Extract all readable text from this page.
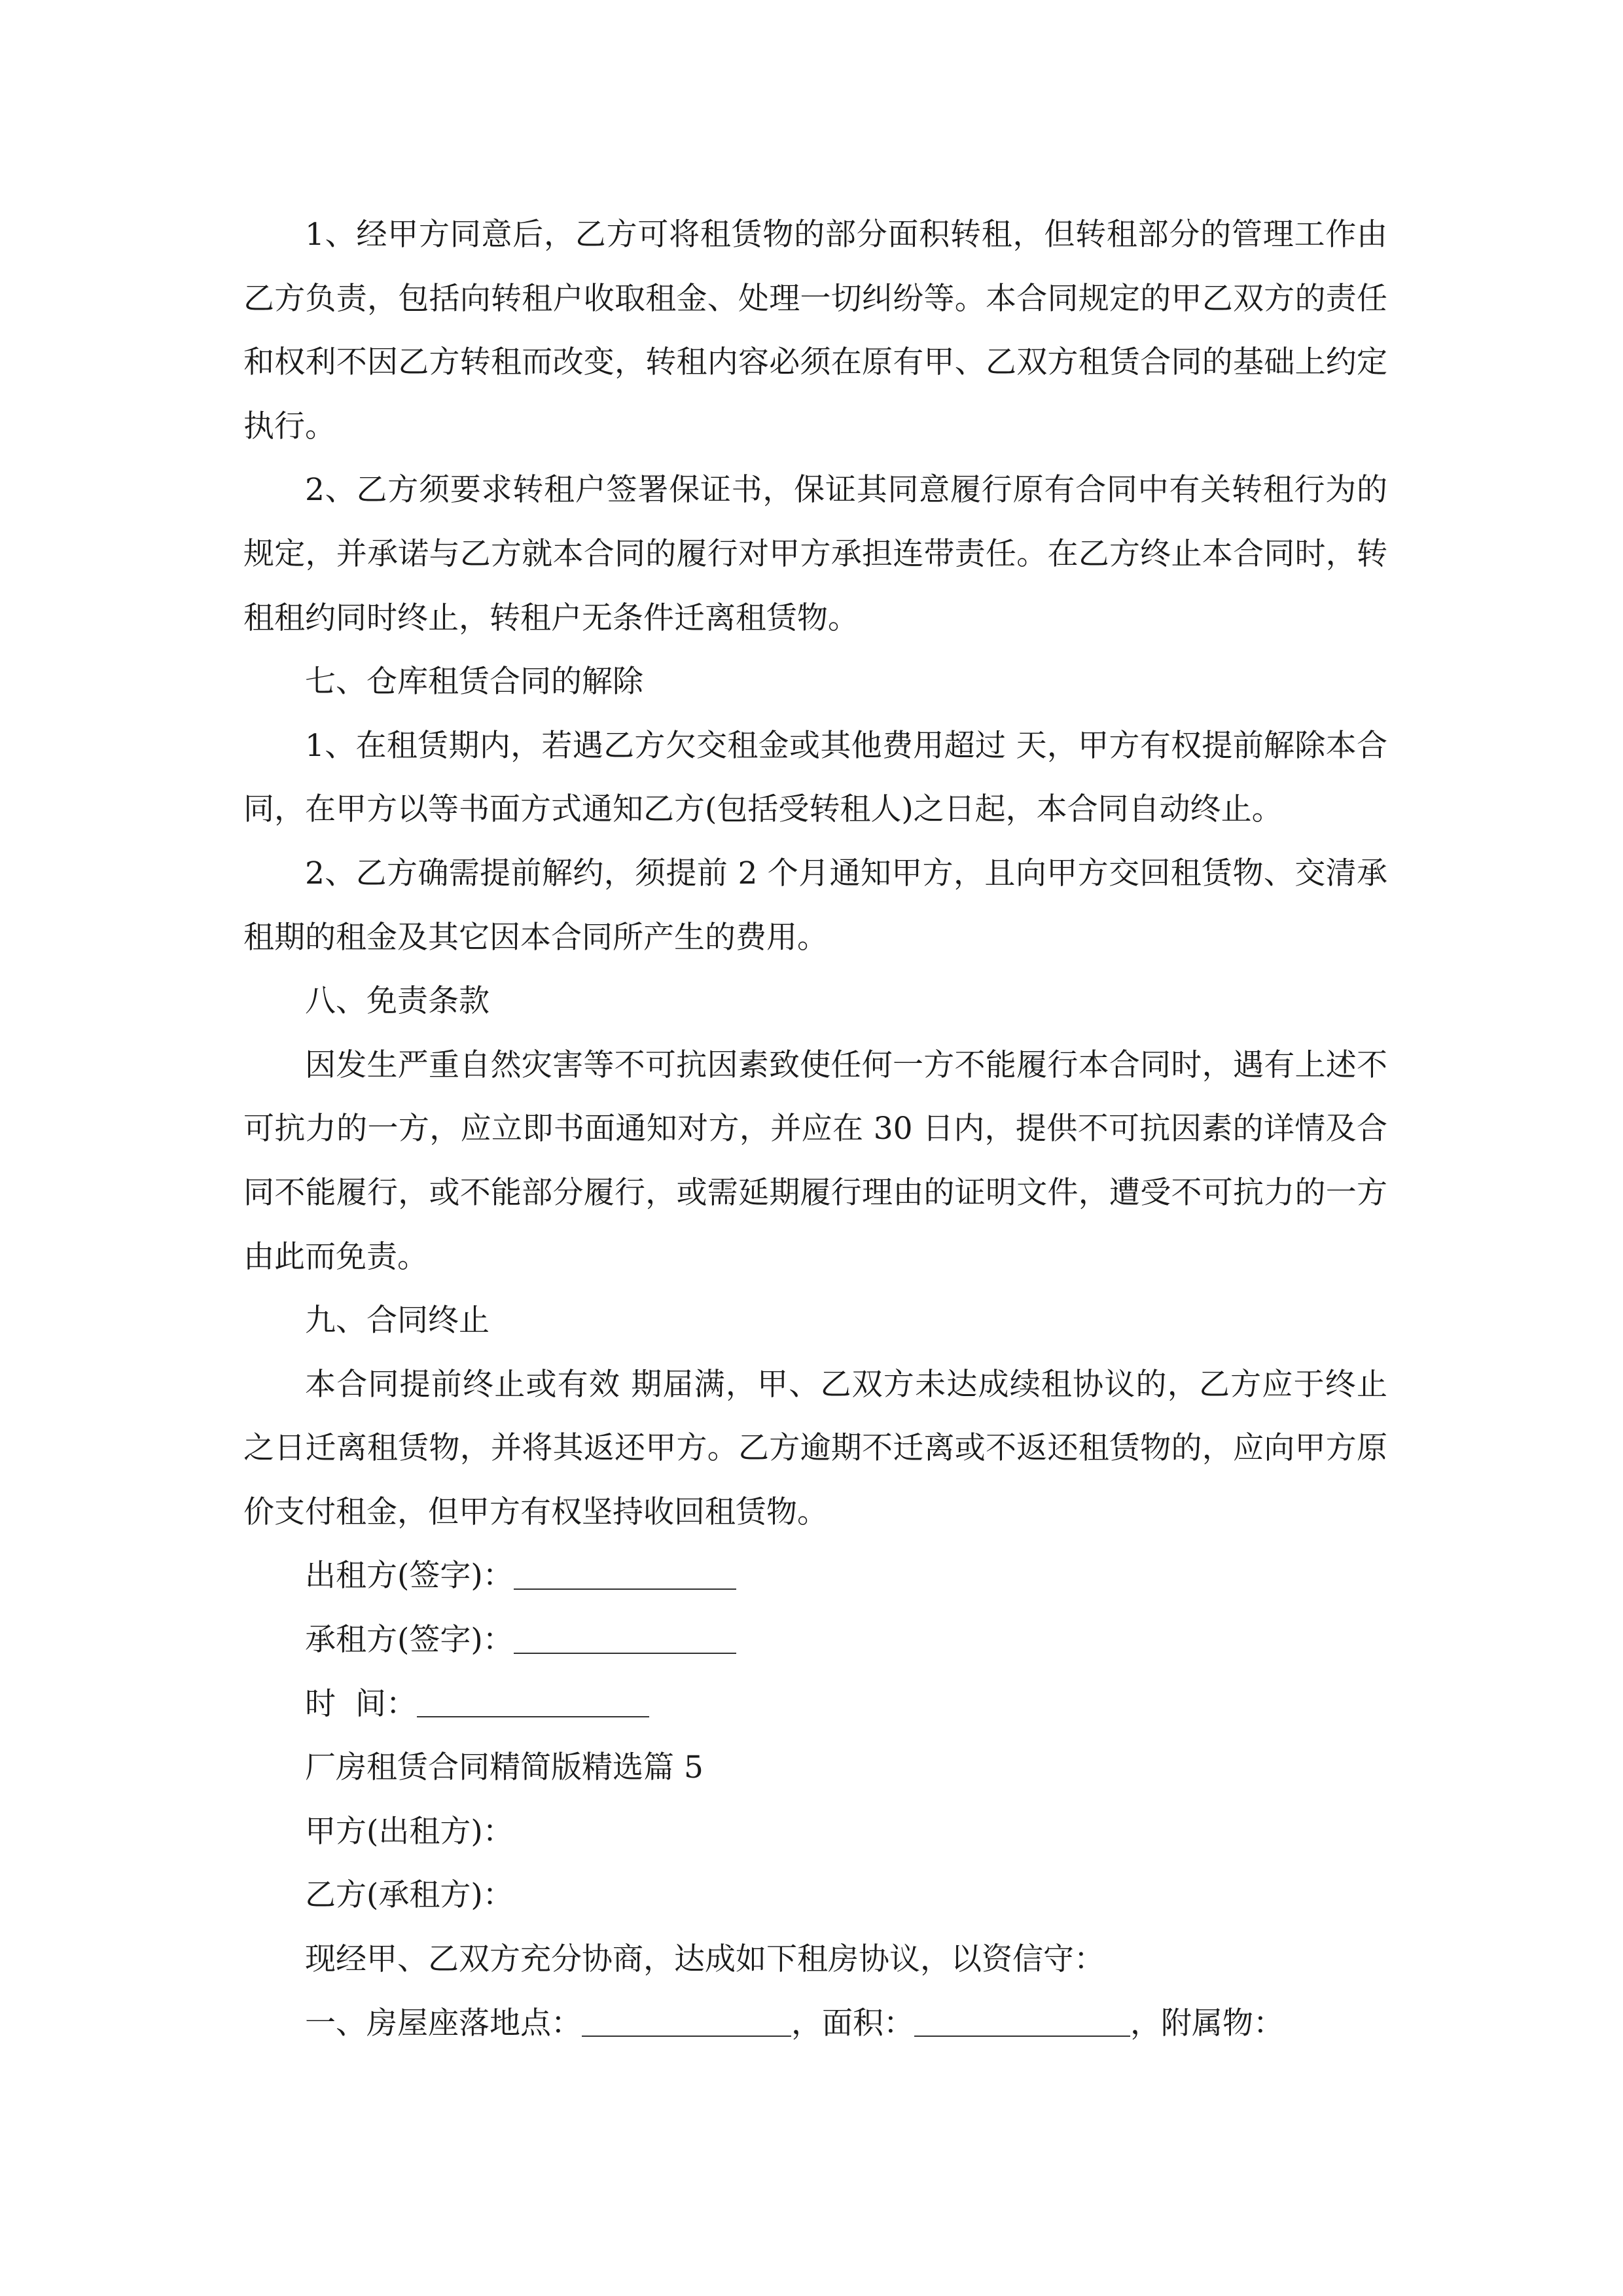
1、经甲方同意后，乙方可将租赁物的部分面积转租，但转租部分的管理工作由乙方负责，包括向转租户收取租金、处理一切纠纷等。本合同规定的甲乙双方的责任和权利不因乙方转租而改变，转租内容必须在原有甲、乙双方租赁合同的基础上约定执行。

2、乙方须要求转租户签署保证书，保证其同意履行原有合同中有关转租行为的规定，并承诺与乙方就本合同的履行对甲方承担连带责任。在乙方终止本合同时，转租租约同时终止，转租户无条件迁离租赁物。

七、仓库租赁合同的解除

1、在租赁期内，若遇乙方欠交租金或其他费用超过 天，甲方有权提前解除本合同，在甲方以等书面方式通知乙方(包括受转租人)之日起，本合同自动终止。

2、乙方确需提前解约，须提前 2 个月通知甲方，且向甲方交回租赁物、交清承租期的租金及其它因本合同所产生的费用。

八、免责条款

因发生严重自然灾害等不可抗因素致使任何一方不能履行本合同时，遇有上述不可抗力的一方，应立即书面通知对方，并应在 30 日内，提供不可抗因素的详情及合同不能履行，或不能部分履行，或需延期履行理由的证明文件，遭受不可抗力的一方由此而免责。

九、合同终止

本合同提前终止或有效 期届满，甲、乙双方未达成续租协议的，乙方应于终止之日迁离租赁物，并将其返还甲方。乙方逾期不迁离或不返还租赁物的，应向甲方原价支付租金，但甲方有权坚持收回租赁物。

出租方(签字)：

承租方(签字)：

时  间：

厂房租赁合同精简版精选篇 5

甲方(出租方)：

乙方(承租方)：

现经甲、乙双方充分协商，达成如下租房协议，以资信守：

一、房屋座落地点：	，面积：	，附属物：
